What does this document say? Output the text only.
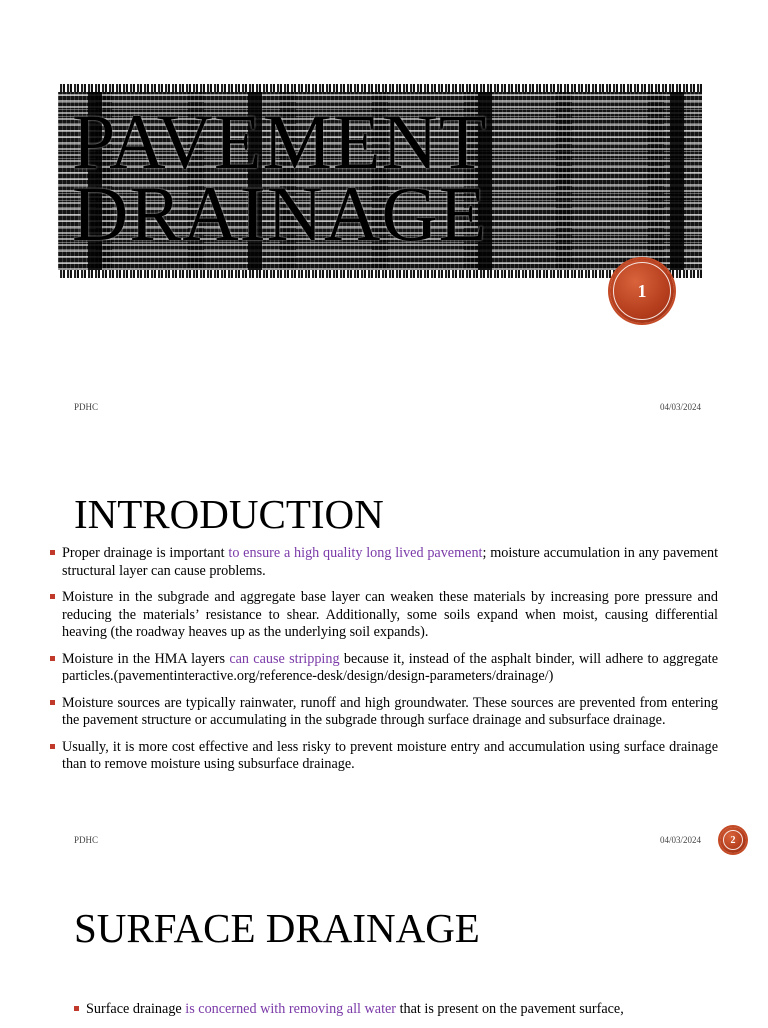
PAVEMENT
DRAINAGE
1
PDHC	04/03/2024
INTRODUCTION
Proper drainage is important to ensure a high quality long lived pavement; moisture accumulation in any pavement structural layer can cause problems.
Moisture in the subgrade and aggregate base layer can weaken these materials by increasing pore pressure and reducing the materials’ resistance to shear. Additionally, some soils expand when moist, causing differential heaving (the roadway heaves up as the underlying soil expands).
Moisture in the HMA layers can cause stripping because it, instead of the asphalt binder, will adhere to aggregate particles.(pavementinteractive.org/reference-desk/design/design-parameters/drainage/)
Moisture sources are typically rainwater, runoff and high groundwater. These sources are prevented from entering the pavement structure or accumulating in the subgrade through surface drainage and subsurface drainage.
Usually, it is more cost effective and less risky to prevent moisture entry and accumulation using surface drainage than to remove moisture using subsurface drainage.
PDHC	04/03/2024	2
SURFACE DRAINAGE
Surface drainage is concerned with removing all water that is present on the pavement surface,
